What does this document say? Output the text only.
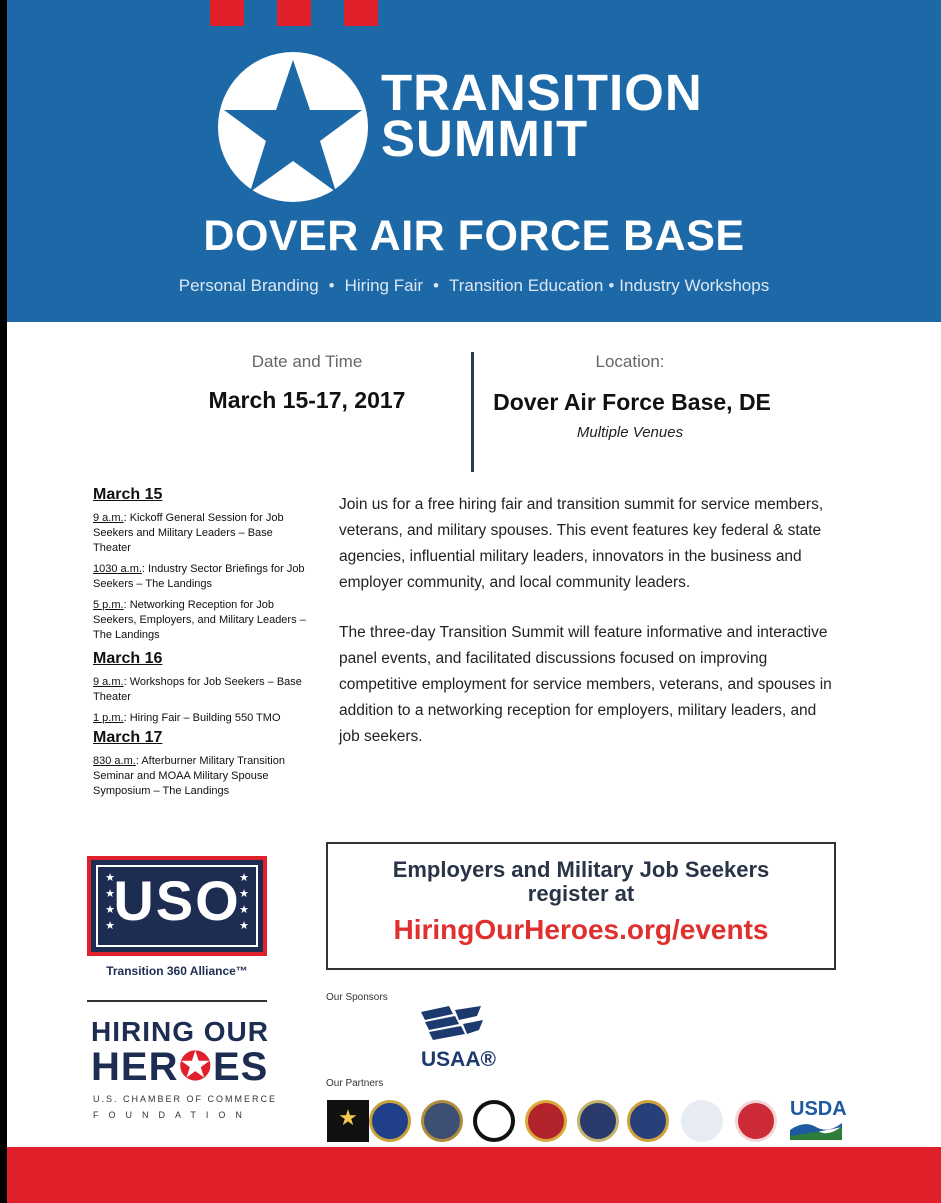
TRANSITION
SUMMIT
DOVER AIR FORCE BASE
Personal Branding • Hiring Fair • Transition Education • Industry Workshops
Date and Time
March 15-17, 2017
Location:
Dover Air Force Base, DE
Multiple Venues
March 15
9 a.m.: Kickoff General Session for Job Seekers and Military Leaders – Base Theater
1030 a.m.: Industry Sector Briefings for Job Seekers – The Landings
5 p.m.: Networking Reception for Job Seekers, Employers, and Military Leaders – The Landings
March 16
9 a.m.: Workshops for Job Seekers – Base Theater
1 p.m.: Hiring Fair – Building 550 TMO
March 17
830 a.m.: Afterburner Military Transition Seminar and MOAA Military Spouse Symposium – The Landings

Join us for a free hiring fair and transition summit for service members, veterans, and military spouses. This event features key federal & state agencies, influential military leaders, innovators in the business and employer community, and local community leaders.

The three-day Transition Summit will feature informative and interactive panel events, and facilitated discussions focused on improving competitive employment for service members, veterans, and spouses in addition to a networking reception for employers, military leaders, and job seekers.

Employers and Military Job Seekers
register at
HiringOurHeroes.org/events
★
★
★
★
★
★
★
★
USO
Transition 360 Alliance™
HIRING OUR
HER✪ES
U.S. CHAMBER OF COMMERCE
FOUNDATION
Our Sponsors
USAA®
Our Partners
★	USDA
